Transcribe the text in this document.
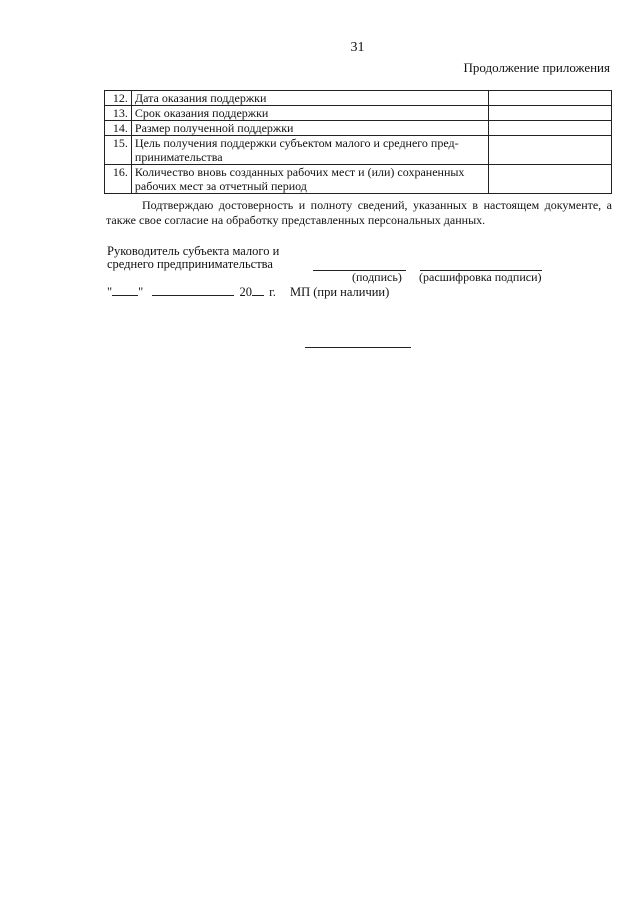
31
Продолжение приложения
12.	Дата оказания поддержки	
13.	Срок оказания поддержки	
14.	Размер полученной поддержки	
15.	Цель получения поддержки субъектом малого и среднего пред-
принимательства	
16.	Количество вновь созданных рабочих мест и (или) сохраненных
рабочих мест за отчетный период	
Подтверждаю достоверность и полноту сведений, указанных в настоящем документе, а также свое согласие на обработку представленных персональных данных.
Руководитель субъекта малого и
среднего предпринимательства
(подпись) (расшифровка подписи)
" "	20 г. МП (при наличии)
